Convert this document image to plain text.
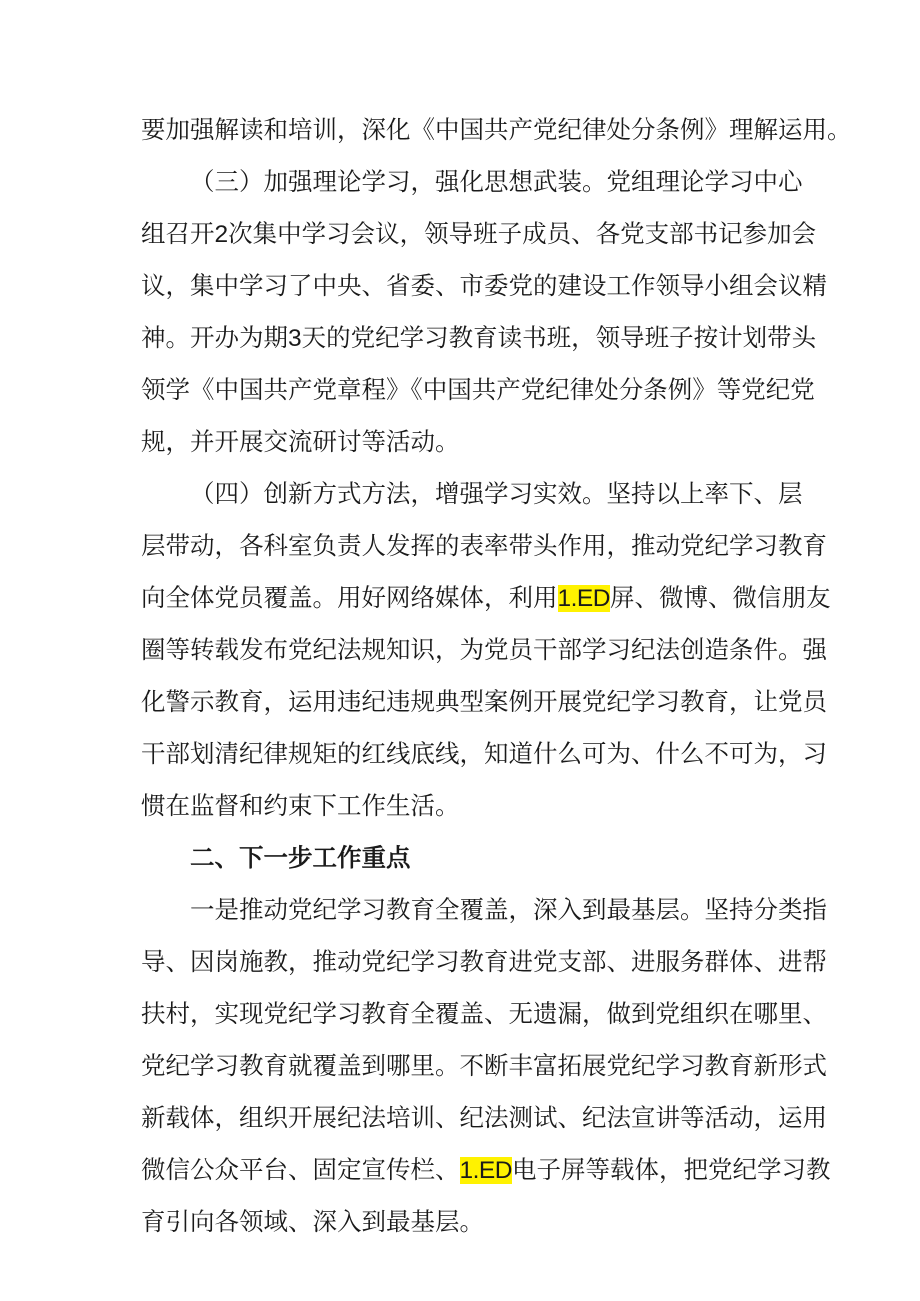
要加强解读和培训，深化《中国共产党纪律处分条例》理解运用。
（三）加强理论学习，强化思想武装。党组理论学习中心
组召开2次集中学习会议，领导班子成员、各党支部书记参加会
议，集中学习了中央、省委、市委党的建设工作领导小组会议精
神。开办为期3天的党纪学习教育读书班，领导班子按计划带头
领学《中国共产党章程》《中国共产党纪律处分条例》等党纪党
规，并开展交流研讨等活动。
（四）创新方式方法，增强学习实效。坚持以上率下、层
层带动，各科室负责人发挥的表率带头作用，推动党纪学习教育
向全体党员覆盖。用好网络媒体，利用1.ED屏、微博、微信朋友
圈等转载发布党纪法规知识，为党员干部学习纪法创造条件。强
化警示教育，运用违纪违规典型案例开展党纪学习教育，让党员
干部划清纪律规矩的红线底线，知道什么可为、什么不可为，习
惯在监督和约束下工作生活。
二、下一步工作重点
一是推动党纪学习教育全覆盖，深入到最基层。坚持分类指
导、因岗施教，推动党纪学习教育进党支部、进服务群体、进帮
扶村，实现党纪学习教育全覆盖、无遗漏，做到党组织在哪里、
党纪学习教育就覆盖到哪里。不断丰富拓展党纪学习教育新形式
新载体，组织开展纪法培训、纪法测试、纪法宣讲等活动，运用
微信公众平台、固定宣传栏、1.ED电子屏等载体，把党纪学习教
育引向各领域、深入到最基层。
